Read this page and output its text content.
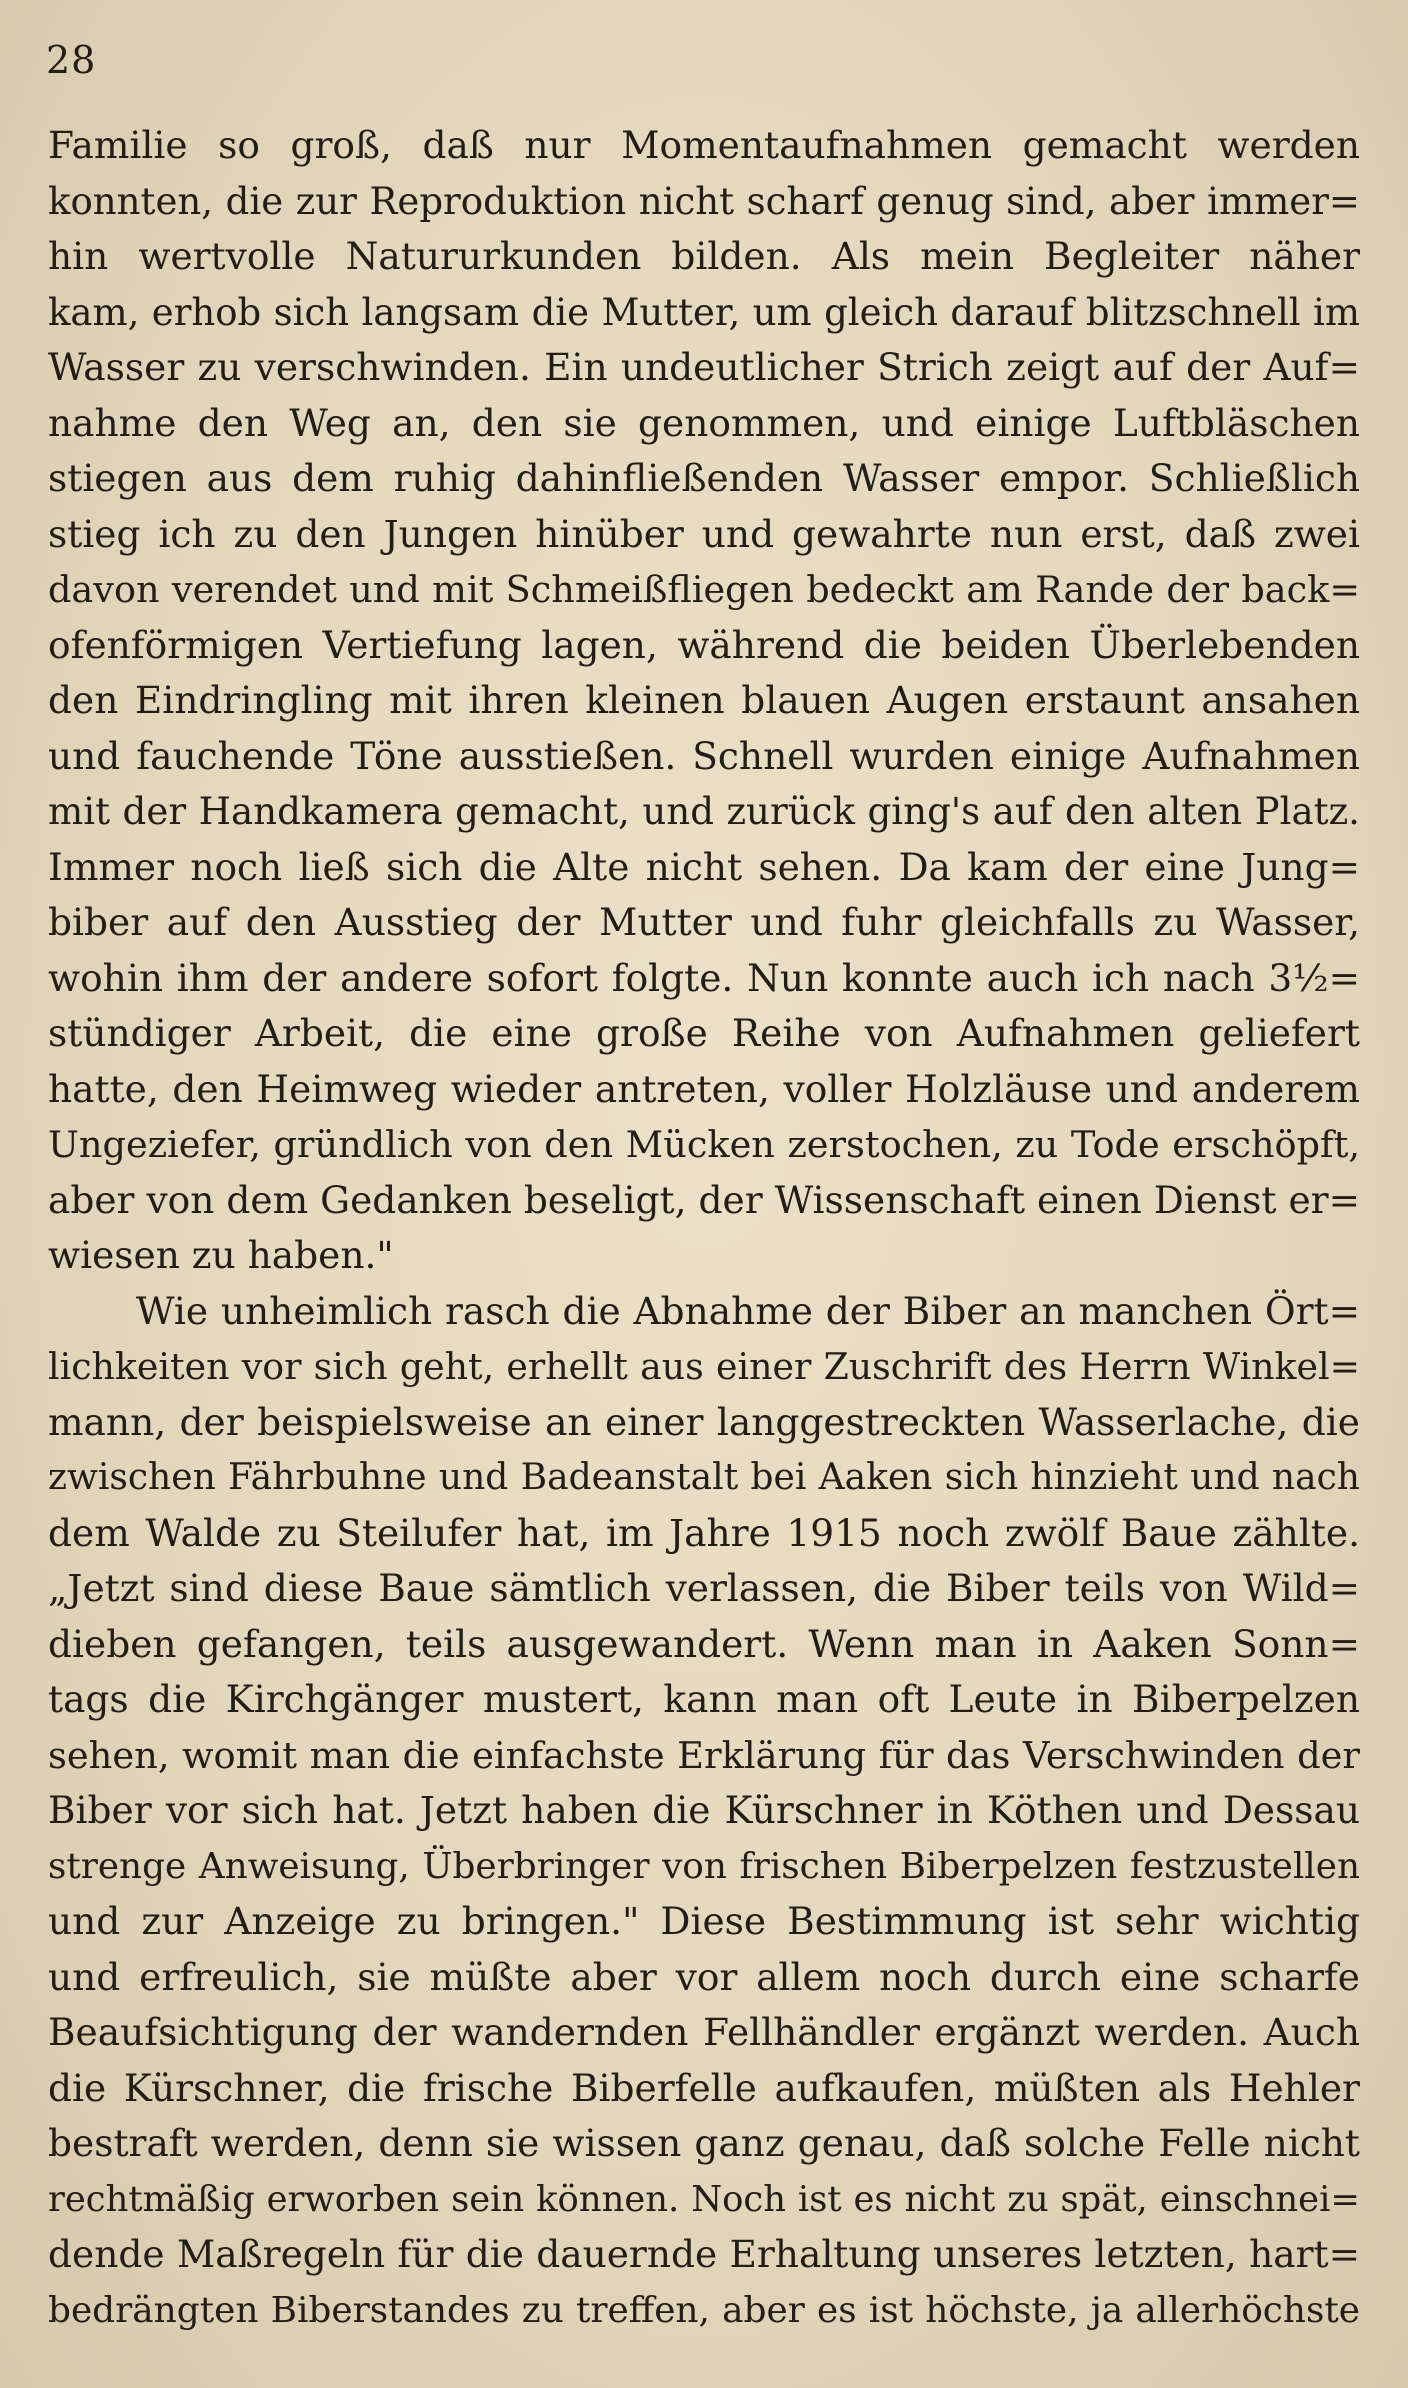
28
Familie so groß, daß nur Momentaufnahmen gemacht werden
konnten, die zur Reproduktion nicht scharf genug sind, aber immer=
hin wertvolle Natururkunden bilden. Als mein Begleiter näher
kam, erhob sich langsam die Mutter, um gleich darauf blitzschnell im
Wasser zu verschwinden. Ein undeutlicher Strich zeigt auf der Auf=
nahme den Weg an, den sie genommen, und einige Luftbläschen
stiegen aus dem ruhig dahinfließenden Wasser empor. Schließlich
stieg ich zu den Jungen hinüber und gewahrte nun erst, daß zwei
davon verendet und mit Schmeißfliegen bedeckt am Rande der back=
ofenförmigen Vertiefung lagen, während die beiden Überlebenden
den Eindringling mit ihren kleinen blauen Augen erstaunt ansahen
und fauchende Töne ausstießen. Schnell wurden einige Aufnahmen
mit der Handkamera gemacht, und zurück ging's auf den alten Platz.
Immer noch ließ sich die Alte nicht sehen. Da kam der eine Jung=
biber auf den Ausstieg der Mutter und fuhr gleichfalls zu Wasser,
wohin ihm der andere sofort folgte. Nun konnte auch ich nach 3½=
stündiger Arbeit, die eine große Reihe von Aufnahmen geliefert
hatte, den Heimweg wieder antreten, voller Holzläuse und anderem
Ungeziefer, gründlich von den Mücken zerstochen, zu Tode erschöpft,
aber von dem Gedanken beseligt, der Wissenschaft einen Dienst er=
wiesen zu haben."
Wie unheimlich rasch die Abnahme der Biber an manchen Ört=
lichkeiten vor sich geht, erhellt aus einer Zuschrift des Herrn Winkel=
mann, der beispielsweise an einer langgestreckten Wasserlache, die
zwischen Fährbuhne und Badeanstalt bei Aaken sich hinzieht und nach
dem Walde zu Steilufer hat, im Jahre 1915 noch zwölf Baue zählte.
„Jetzt sind diese Baue sämtlich verlassen, die Biber teils von Wild=
dieben gefangen, teils ausgewandert. Wenn man in Aaken Sonn=
tags die Kirchgänger mustert, kann man oft Leute in Biberpelzen
sehen, womit man die einfachste Erklärung für das Verschwinden der
Biber vor sich hat. Jetzt haben die Kürschner in Köthen und Dessau
strenge Anweisung, Überbringer von frischen Biberpelzen festzustellen
und zur Anzeige zu bringen." Diese Bestimmung ist sehr wichtig
und erfreulich, sie müßte aber vor allem noch durch eine scharfe
Beaufsichtigung der wandernden Fellhändler ergänzt werden. Auch
die Kürschner, die frische Biberfelle aufkaufen, müßten als Hehler
bestraft werden, denn sie wissen ganz genau, daß solche Felle nicht
rechtmäßig erworben sein können. Noch ist es nicht zu spät, einschnei=
dende Maßregeln für die dauernde Erhaltung unseres letzten, hart=
bedrängten Biberstandes zu treffen, aber es ist höchste, ja allerhöchste
